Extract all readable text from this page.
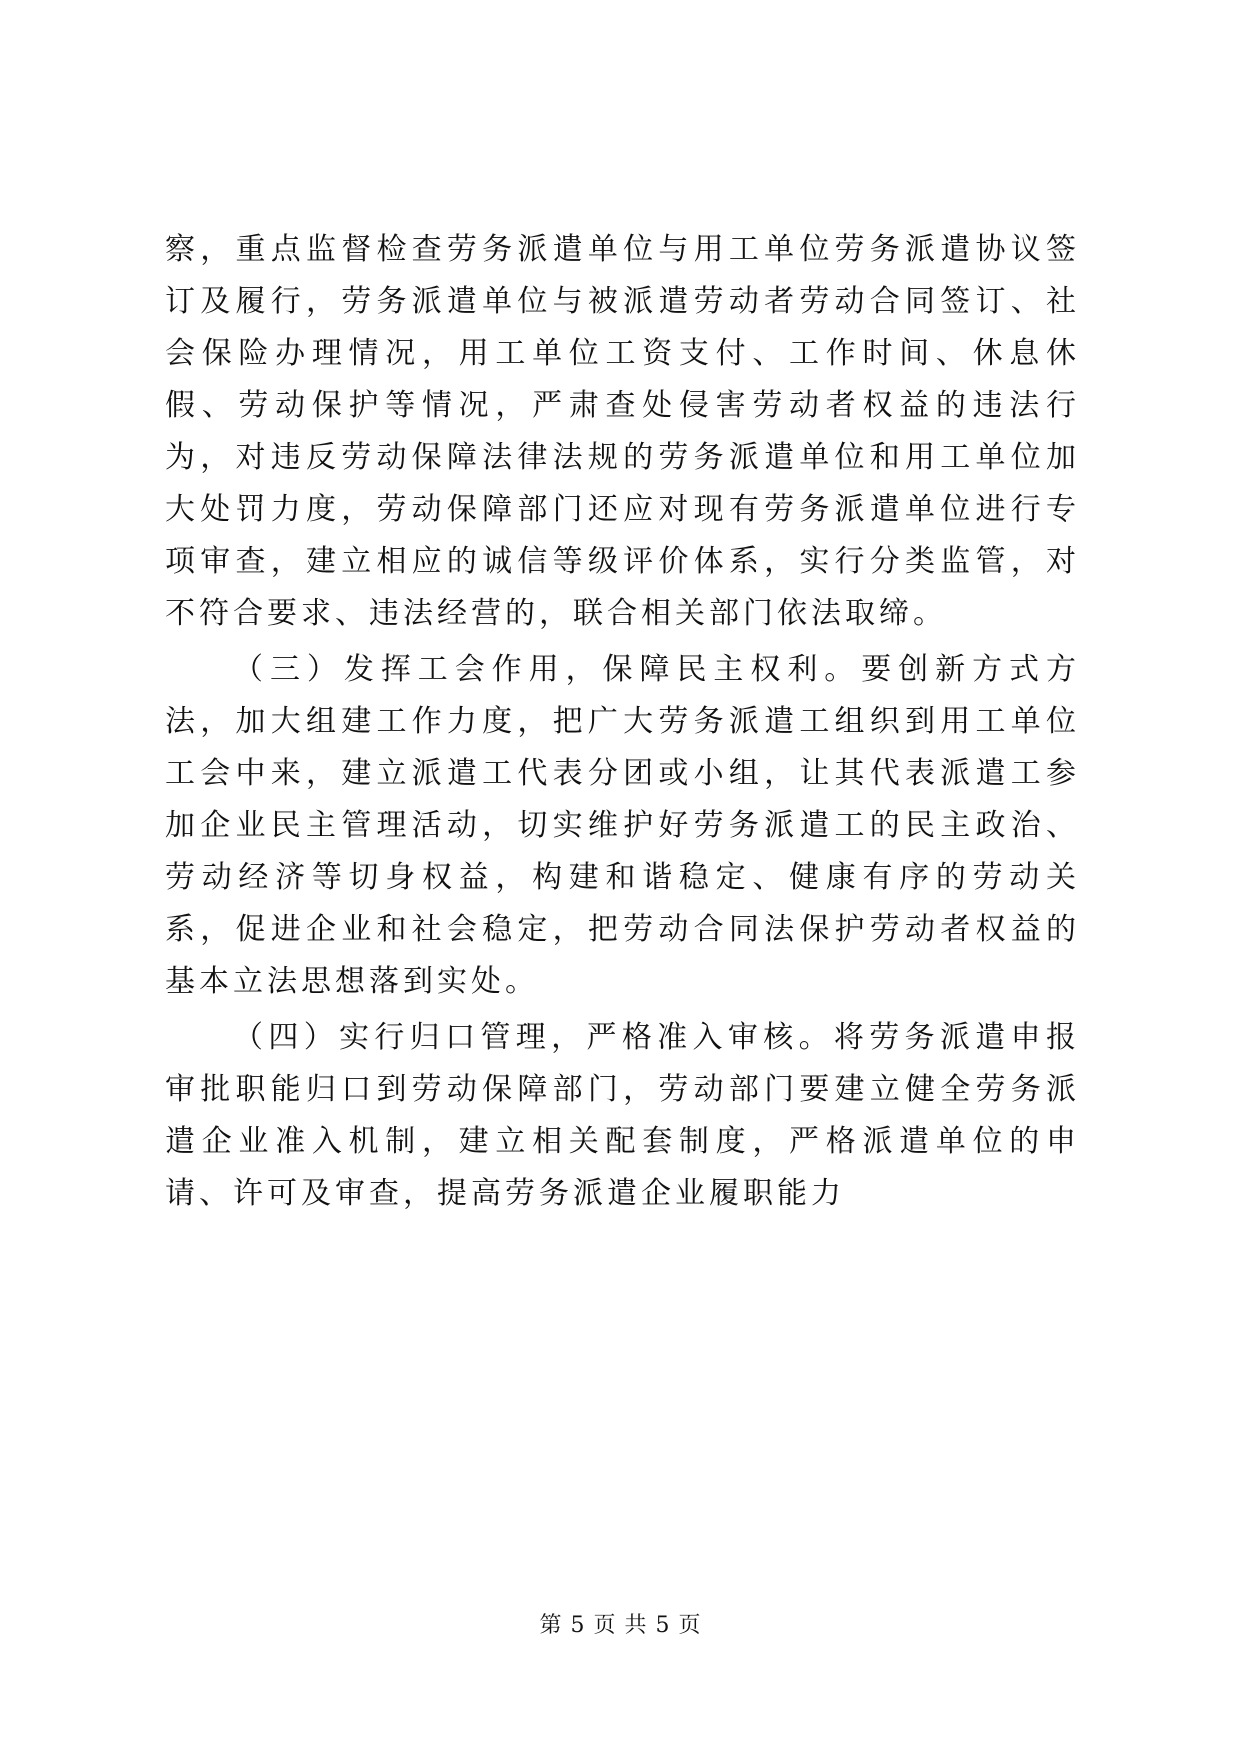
察，重点监督检查劳务派遣单位与用工单位劳务派遣协议签订及履行，劳务派遣单位与被派遣劳动者劳动合同签订、社会保险办理情况，用工单位工资支付、工作时间、休息休假、劳动保护等情况，严肃查处侵害劳动者权益的违法行为，对违反劳动保障法律法规的劳务派遣单位和用工单位加大处罚力度，劳动保障部门还应对现有劳务派遣单位进行专项审查，建立相应的诚信等级评价体系，实行分类监管，对不符合要求、违法经营的，联合相关部门依法取缔。

（三）发挥工会作用，保障民主权利。要创新方式方法，加大组建工作力度，把广大劳务派遣工组织到用工单位工会中来，建立派遣工代表分团或小组，让其代表派遣工参加企业民主管理活动，切实维护好劳务派遣工的民主政治、劳动经济等切身权益，构建和谐稳定、健康有序的劳动关系，促进企业和社会稳定，把劳动合同法保护劳动者权益的基本立法思想落到实处。

（四）实行归口管理，严格准入审核。将劳务派遣申报审批职能归口到劳动保障部门，劳动部门要建立健全劳务派遣企业准入机制，建立相关配套制度，严格派遣单位的申请、许可及审查，提高劳务派遣企业履职能力

第 5 页 共 5 页
